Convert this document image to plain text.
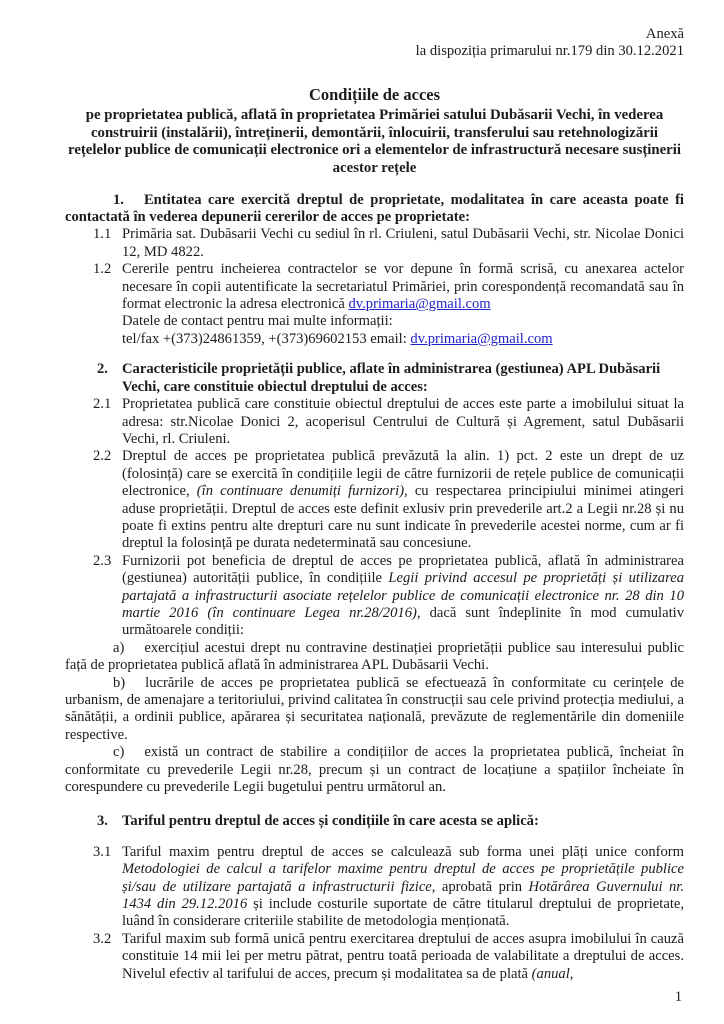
Anexă

la dispoziția primarului nr.179 din 30.12.2021

Condițiile de acces

pe proprietatea publică, aflată în proprietatea Primăriei satului Dubăsarii Vechi, în vederea construirii (instalării), întreținerii, demontării, înlocuirii, transferului sau retehnologizării rețelelor publice de comunicații electronice ori a elementelor de infrastructură necesare susținerii acestor rețele

1. Entitatea care exercită dreptul de proprietate, modalitatea în care aceasta poate fi contactată în vederea depunerii cererilor de acces pe proprietate:

1.1 Primăria sat. Dubăsarii Vechi cu sediul în rl. Criuleni, satul Dubăsarii Vechi, str. Nicolae Donici 12, MD 4822.

1.2 Cererile pentru incheierea contractelor se vor depune în formă scrisă, cu anexarea actelor necesare în copii autentificate la secretariatul Primăriei, prin corespondență recomandată sau în format electronic la adresa electronică dv.primaria@gmail.com

Datele de contact pentru mai multe informații:

tel/fax +(373)24861359, +(373)69602153 email: dv.primaria@gmail.com

2. Caracteristicile proprietății publice, aflate în administrarea (gestiunea) APL Dubăsarii Vechi, care constituie obiectul dreptului de acces:

2.1 Proprietatea publică care constituie obiectul dreptului de acces este parte a imobilului situat la adresa: str.Nicolae Donici 2, acoperisul Centrului de Cultură și Agrement, satul Dubăsarii Vechi, rl. Criuleni.

2.2 Dreptul de acces pe proprietatea publică prevăzută la alin. 1) pct. 2 este un drept de uz (folosință) care se exercită în condițiile legii de către furnizorii de rețele publice de comunicații electronice, (în continuare denumiți furnizori), cu respectarea principiului minimei atingeri aduse proprietății. Dreptul de acces este definit exlusiv prin prevederile art.2 a Legii nr.28 și nu poate fi extins pentru alte drepturi care nu sunt indicate în prevederile acestei norme, cum ar fi dreptul la folosință pe durata nedeterminată sau concesiune.

2.3 Furnizorii pot beneficia de dreptul de acces pe proprietatea publică, aflată în administrarea (gestiunea) autorității publice, în condițiile Legii privind accesul pe proprietăți și utilizarea partajată a infrastructurii asociate rețelelor publice de comunicații electronice nr. 28 din 10 martie 2016 (în continuare Legea nr.28/2016), dacă sunt îndeplinite în mod cumulativ următoarele condiții:

a) exercițiul acestui drept nu contravine destinației proprietății publice sau interesului public față de proprietatea publică aflată în administrarea APL Dubăsarii Vechi.

b) lucrările de acces pe proprietatea publică se efectuează în conformitate cu cerințele de urbanism, de amenajare a teritoriului, privind calitatea în construcții sau cele privind protecția mediului, a sănătății, a ordinii publice, apărarea și securitatea națională, prevăzute de reglementările din domeniile respective.

c) există un contract de stabilire a condițiilor de acces la proprietatea publică, încheiat în conformitate cu prevederile Legii nr.28, precum și un contract de locațiune a spațiilor încheiate în corespundere cu prevederile Legii bugetului pentru următorul an.

3. Tariful pentru dreptul de acces și condițiile în care acesta se aplică:

3.1 Tariful maxim pentru dreptul de acces se calculează sub forma unei plăți unice conform Metodologiei de calcul a tarifelor maxime pentru dreptul de acces pe proprietățile publice și/sau de utilizare partajată a infrastructurii fizice, aprobată prin Hotărârea Guvernului nr. 1434 din 29.12.2016 și include costurile suportate de către titularul dreptului de proprietate, luând în considerare criteriile stabilite de metodologia menționată.

3.2 Tariful maxim sub formă unică pentru exercitarea dreptului de acces asupra imobilului în cauză constituie 14 mii lei per metru pătrat, pentru toată perioada de valabilitate a dreptului de acces. Nivelul efectiv al tarifului de acces, precum și modalitatea sa de plată (anual,

1
